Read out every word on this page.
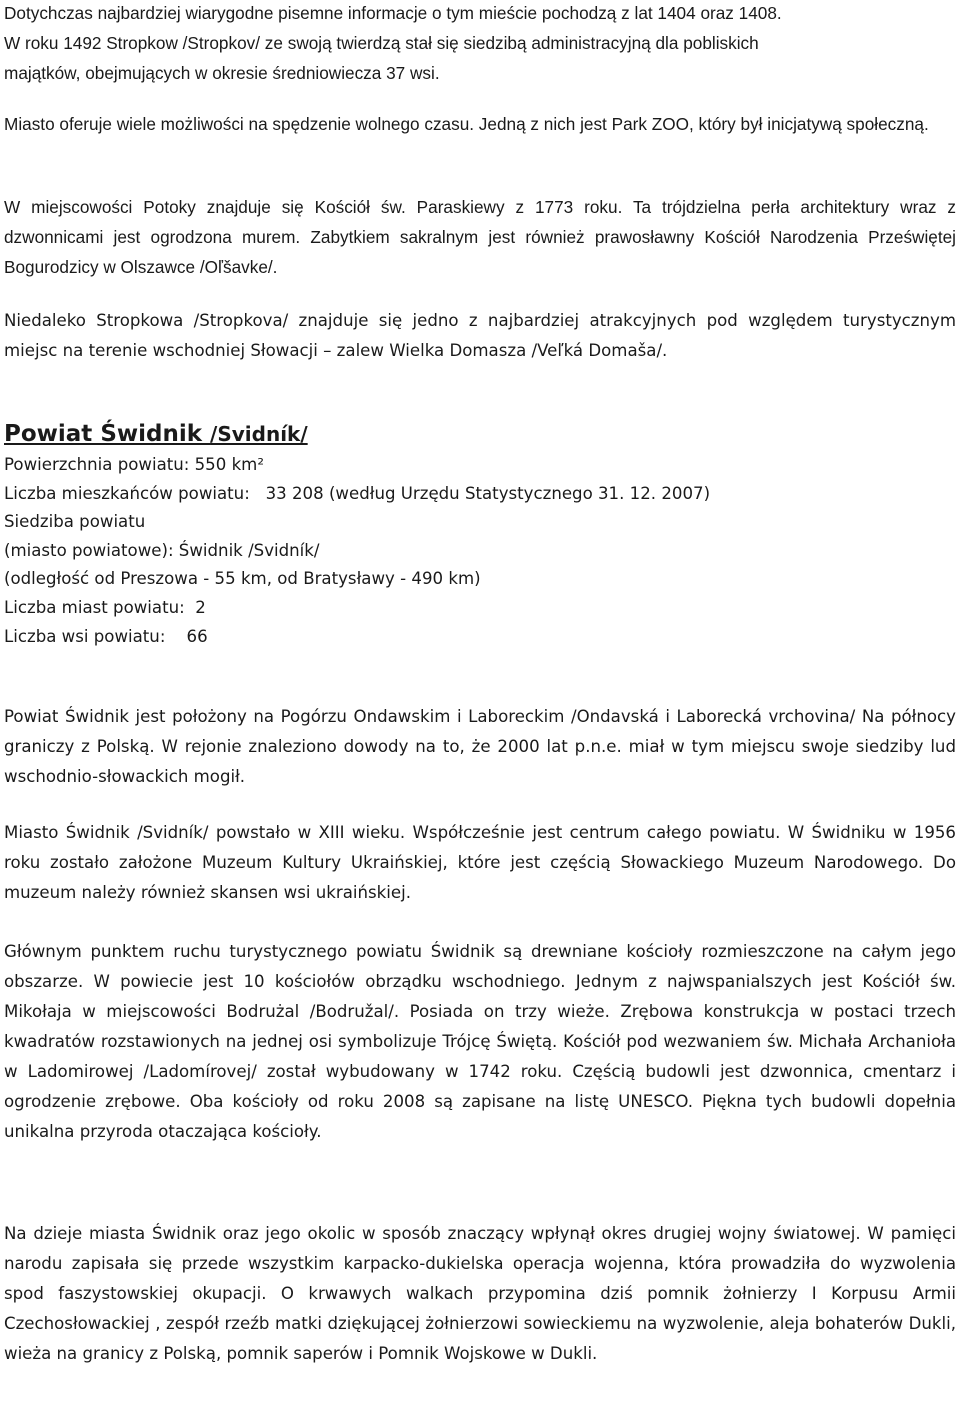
Dotychczas najbardziej wiarygodne pisemne informacje o tym mieście pochodzą z lat 1404 oraz 1408.

W roku 1492 Stropkow /Stropkov/ ze swoją twierdzą stał się siedzibą administracyjną dla pobliskich

majątków, obejmujących w okresie średniowiecza 37 wsi.

Miasto oferuje wiele możliwości na spędzenie wolnego czasu. Jedną z nich jest Park ZOO, który był inicjatywą społeczną.

W miejscowości Potoky znajduje się Kościół św. Paraskiewy z 1773 roku. Ta trójdzielna perła architektury wraz z dzwonnicami jest ogrodzona murem. Zabytkiem sakralnym jest również prawosławny Kościół Narodzenia Przeświętej Bogurodzicy w Olszawce /Oľšavke/.

Niedaleko Stropkowa /Stropkova/ znajduje się jedno z najbardziej atrakcyjnych pod względem turystycznym miejsc na terenie wschodniej Słowacji – zalew Wielka Domasza /Veľká Domaša/.

Powiat Świdnik /Svidník/

Powierzchnia powiatu: 550 km²

Liczba mieszkańców powiatu:   33 208 (według Urzędu Statystycznego 31. 12. 2007)

Siedziba powiatu

(miasto powiatowe): Świdnik /Svidník/

(odległość od Preszowa - 55 km, od Bratysławy - 490 km)

Liczba miast powiatu:  2

Liczba wsi powiatu:    66

Powiat Świdnik jest położony na Pogórzu Ondawskim i Laboreckim /Ondavská i Laborecká vrchovina/ Na północy graniczy z Polską. W rejonie znaleziono dowody na to, że 2000 lat p.n.e. miał w tym miejscu swoje siedziby lud wschodnio-słowackich mogił.

Miasto Świdnik /Svidník/ powstało w XIII wieku. Współcześnie jest centrum całego powiatu. W Świdniku w 1956 roku zostało założone Muzeum Kultury Ukraińskiej, które jest częścią Słowackiego Muzeum Narodowego. Do muzeum należy również skansen wsi ukraińskiej.

Głównym punktem ruchu turystycznego powiatu Świdnik są drewniane kościoły rozmieszczone na całym jego obszarze. W powiecie jest 10 kościołów obrządku wschodniego. Jednym z najwspanialszych jest Kościół św. Mikołaja w miejscowości Bodrużal /Bodružal/. Posiada on trzy wieże. Zrębowa konstrukcja w postaci trzech kwadratów rozstawionych na jednej osi symbolizuje Trójcę Świętą. Kościół pod wezwaniem św. Michała Archanioła w Ladomirowej /Ladomírovej/ został wybudowany w 1742 roku. Częścią budowli jest dzwonnica, cmentarz i ogrodzenie zrębowe. Oba kościoły od roku 2008 są zapisane na listę UNESCO. Piękna tych budowli dopełnia unikalna przyroda otaczająca kościoły.

Na dzieje miasta Świdnik oraz jego okolic w sposób znaczący wpłynął okres drugiej wojny światowej. W pamięci narodu zapisała się przede wszystkim karpacko-dukielska operacja wojenna, która prowadziła do wyzwolenia spod faszystowskiej okupacji. O krwawych walkach przypomina dziś pomnik żołnierzy I Korpusu Armii Czechosłowackiej , zespół rzeźb matki dziękującej żołnierzowi sowieckiemu na wyzwolenie, aleja bohaterów Dukli, wieża na granicy z Polską, pomnik saperów i Pomnik Wojskowe w Dukli.
